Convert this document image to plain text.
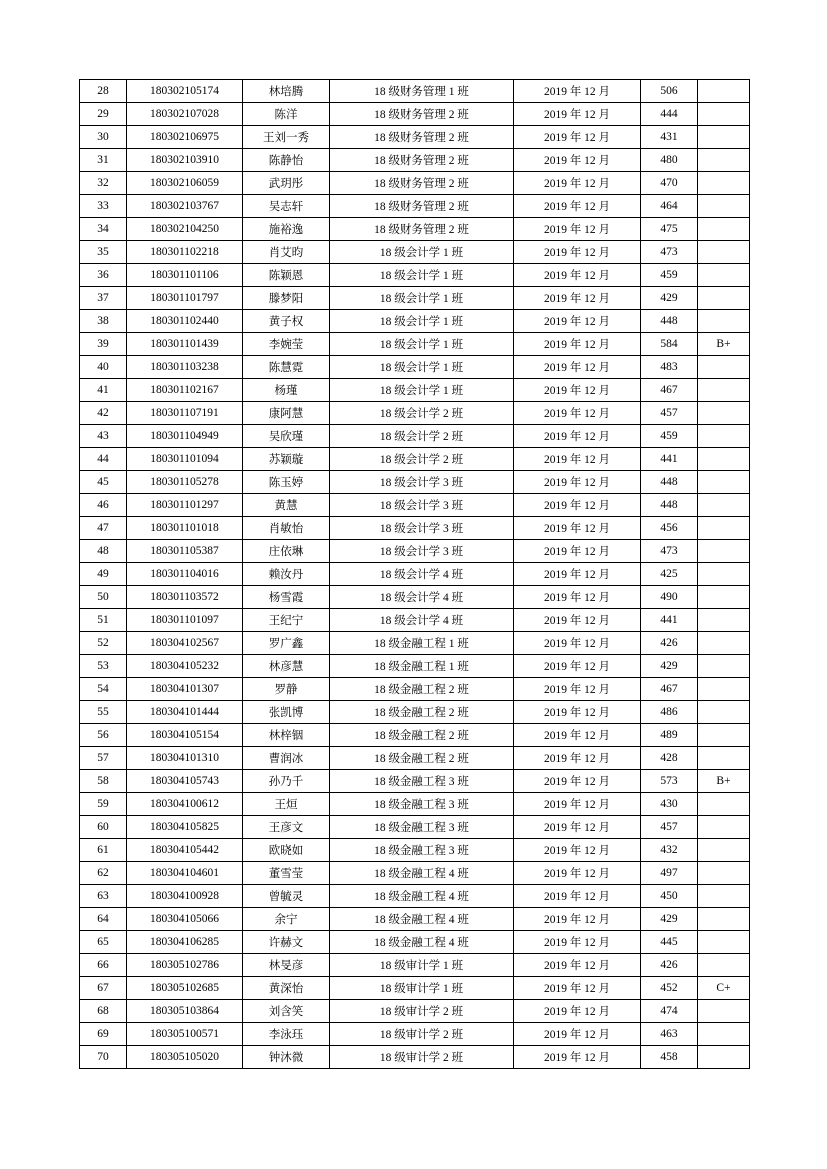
28	180302105174	林培腾	18 级财务管理 1 班	2019 年 12 月	506	
29	180302107028	陈洋	18 级财务管理 2 班	2019 年 12 月	444	
30	180302106975	王刘一秀	18 级财务管理 2 班	2019 年 12 月	431	
31	180302103910	陈静怡	18 级财务管理 2 班	2019 年 12 月	480	
32	180302106059	武玥彤	18 级财务管理 2 班	2019 年 12 月	470	
33	180302103767	吴志轩	18 级财务管理 2 班	2019 年 12 月	464	
34	180302104250	施裕逸	18 级财务管理 2 班	2019 年 12 月	475	
35	180301102218	肖艾昀	18 级会计学 1 班	2019 年 12 月	473	
36	180301101106	陈颖恩	18 级会计学 1 班	2019 年 12 月	459	
37	180301101797	滕梦阳	18 级会计学 1 班	2019 年 12 月	429	
38	180301102440	黄子权	18 级会计学 1 班	2019 年 12 月	448	
39	180301101439	李婉莹	18 级会计学 1 班	2019 年 12 月	584	B+
40	180301103238	陈慧霓	18 级会计学 1 班	2019 年 12 月	483	
41	180301102167	杨瑾	18 级会计学 1 班	2019 年 12 月	467	
42	180301107191	康阿慧	18 级会计学 2 班	2019 年 12 月	457	
43	180301104949	吴欣瑾	18 级会计学 2 班	2019 年 12 月	459	
44	180301101094	苏颖璇	18 级会计学 2 班	2019 年 12 月	441	
45	180301105278	陈玉婷	18 级会计学 3 班	2019 年 12 月	448	
46	180301101297	黄慧	18 级会计学 3 班	2019 年 12 月	448	
47	180301101018	肖敏怡	18 级会计学 3 班	2019 年 12 月	456	
48	180301105387	庄依琳	18 级会计学 3 班	2019 年 12 月	473	
49	180301104016	赖汝丹	18 级会计学 4 班	2019 年 12 月	425	
50	180301103572	杨雪霞	18 级会计学 4 班	2019 年 12 月	490	
51	180301101097	王纪宁	18 级会计学 4 班	2019 年 12 月	441	
52	180304102567	罗广鑫	18 级金融工程 1 班	2019 年 12 月	426	
53	180304105232	林彦慧	18 级金融工程 1 班	2019 年 12 月	429	
54	180304101307	罗静	18 级金融工程 2 班	2019 年 12 月	467	
55	180304101444	张凯博	18 级金融工程 2 班	2019 年 12 月	486	
56	180304105154	林梓铟	18 级金融工程 2 班	2019 年 12 月	489	
57	180304101310	曹润冰	18 级金融工程 2 班	2019 年 12 月	428	
58	180304105743	孙乃千	18 级金融工程 3 班	2019 年 12 月	573	B+
59	180304100612	王烜	18 级金融工程 3 班	2019 年 12 月	430	
60	180304105825	王彦文	18 级金融工程 3 班	2019 年 12 月	457	
61	180304105442	欧晓如	18 级金融工程 3 班	2019 年 12 月	432	
62	180304104601	董雪莹	18 级金融工程 4 班	2019 年 12 月	497	
63	180304100928	曾毓灵	18 级金融工程 4 班	2019 年 12 月	450	
64	180304105066	余宁	18 级金融工程 4 班	2019 年 12 月	429	
65	180304106285	许赫文	18 级金融工程 4 班	2019 年 12 月	445	
66	180305102786	林旻彦	18 级审计学 1 班	2019 年 12 月	426	
67	180305102685	黄深怡	18 级审计学 1 班	2019 年 12 月	452	C+
68	180305103864	刘含笑	18 级审计学 2 班	2019 年 12 月	474	
69	180305100571	李泳珏	18 级审计学 2 班	2019 年 12 月	463	
70	180305105020	钟沐微	18 级审计学 2 班	2019 年 12 月	458	
